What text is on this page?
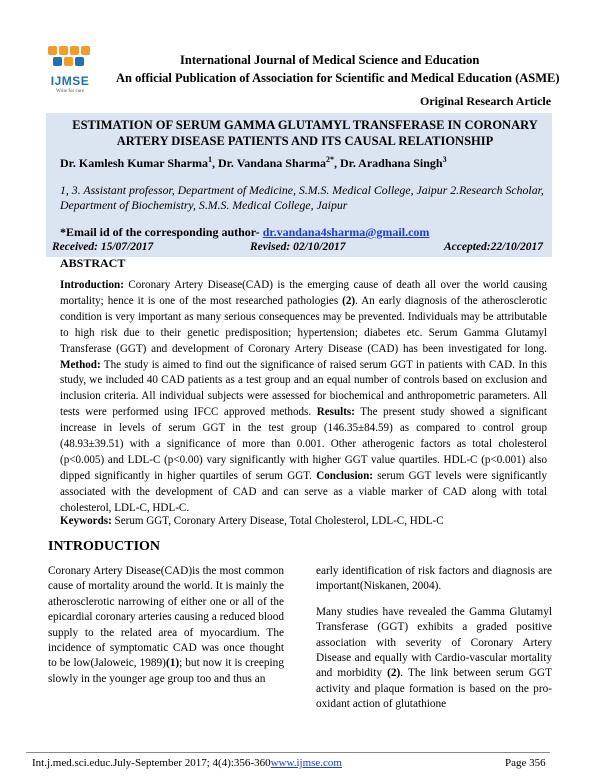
IJMSE
Write for cure
International Journal of Medical Science and Education
An official Publication of Association for Scientific and Medical Education (ASME)
Original Research Article
ESTIMATION OF SERUM GAMMA GLUTAMYL TRANSFERASE IN CORONARY ARTERY DISEASE PATIENTS AND ITS CAUSAL RELATIONSHIP
Dr. Kamlesh Kumar Sharma$^1$, Dr. Vandana Sharma$^{2*}$, Dr. Aradhana Singh$^3$
1, 3. Assistant professor, Department of Medicine, S.M.S. Medical College, Jaipur 2.Research Scholar, Department of Biochemistry, S.M.S. Medical College, Jaipur
*Email id of the corresponding author- dr.vandana4sharma@gmail.com
Received: 15/07/2017	Revised: 02/10/2017	Accepted:22/10/2017
ABSTRACT
Introduction: Coronary Artery Disease(CAD) is the emerging cause of death all over the world causing mortality; hence it is one of the most researched pathologies (2). An early diagnosis of the atherosclerotic condition is very important as many serious consequences may be prevented. Individuals may be attributable to high risk due to their genetic predisposition; hypertension; diabetes etc. Serum Gamma Glutamyl Transferase (GGT) and development of Coronary Artery Disease (CAD) has been investigated for long. Method: The study is aimed to find out the significance of raised serum GGT in patients with CAD. In this study, we included 40 CAD patients as a test group and an equal number of controls based on exclusion and inclusion criteria. All individual subjects were assessed for biochemical and anthropometric parameters. All tests were performed using IFCC approved methods. Results: The present study showed a significant increase in levels of serum GGT in the test group (146.35±84.59) as compared to control group (48.93±39.51) with a significance of more than 0.001. Other atherogenic factors as total cholesterol (p<0.005) and LDL-C (p<0.00) vary significantly with higher GGT value quartiles. HDL-C (p<0.001) also dipped significantly in higher quartiles of serum GGT. Conclusion: serum GGT levels were significantly associated with the development of CAD and can serve as a viable marker of CAD along with total cholesterol, LDL-C, HDL-C.
Keywords: Serum GGT, Coronary Artery Disease, Total Cholesterol, LDL-C, HDL-C
INTRODUCTION

Coronary Artery Disease(CAD)is the most common cause of mortality around the world. It is mainly the atherosclerotic narrowing of either one or all of the epicardial coronary arteries causing a reduced blood supply to the related area of myocardium. The incidence of symptomatic CAD was once thought to be low(Jaloweic, 1989)(1); but now it is creeping slowly in the younger age group too and thus an

early identification of risk factors and diagnosis are important(Niskanen, 2004).

Many studies have revealed the Gamma Glutamyl Transferase (GGT) exhibits a graded positive association with severity of Coronary Artery Disease and equally with Cardio-vascular mortality and morbidity (2). The link between serum GGT activity and plaque formation is based on the pro-oxidant action of glutathione

Int.j.med.sci.educ.July-September 2017; 4(4):356-360www.ijmse.com	Page 356
